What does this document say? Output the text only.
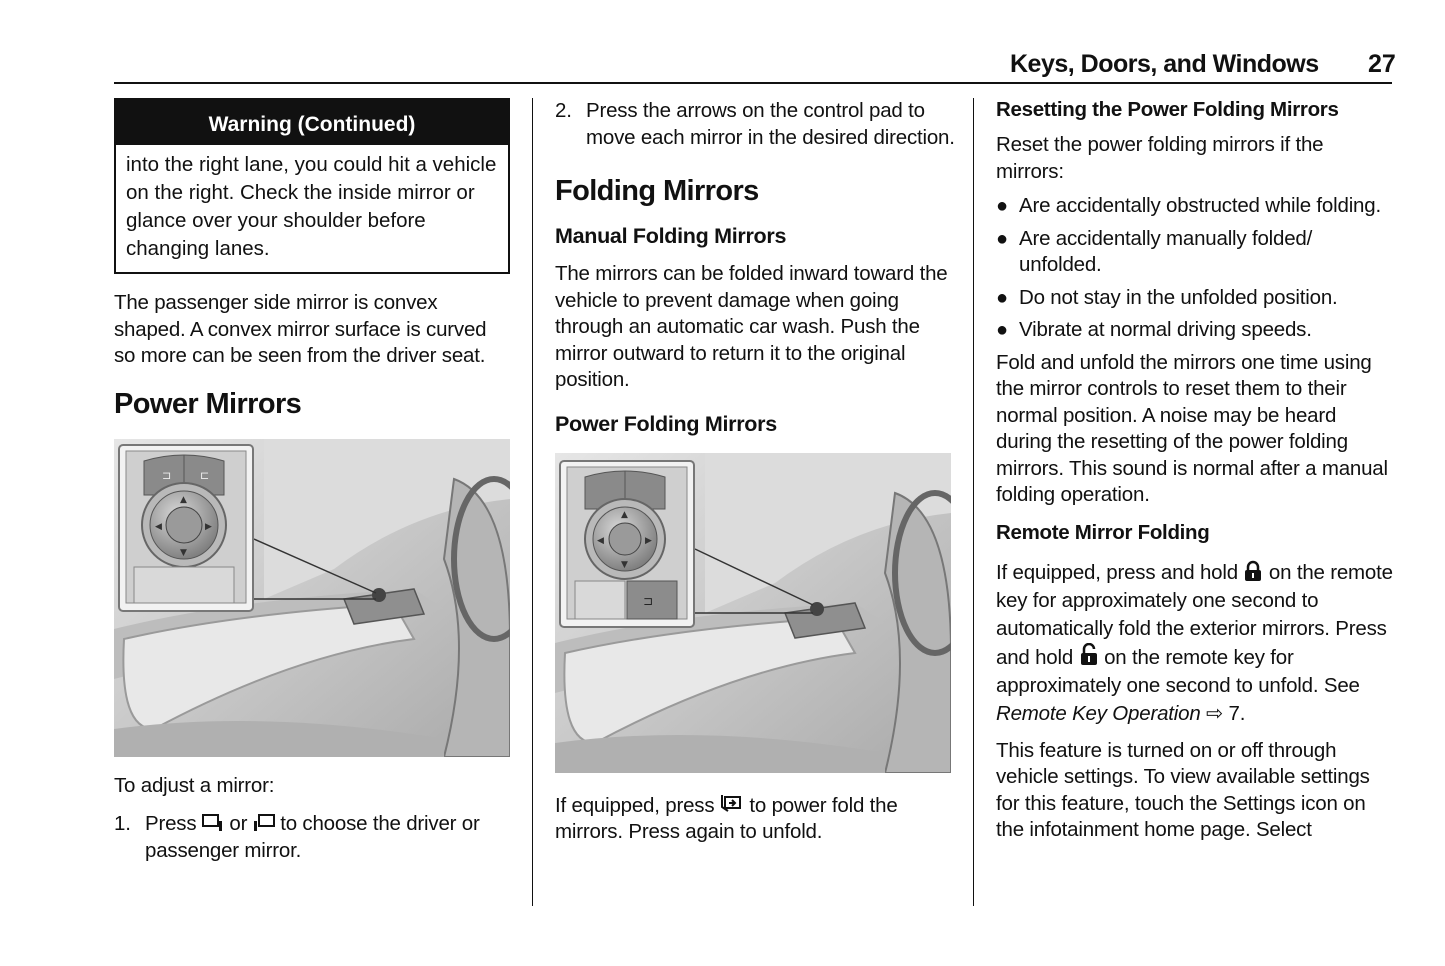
Keys, Doors, and Windows 27
Warning (Continued)
into the right lane, you could hit a vehicle on the right. Check the inside mirror or glance over your shoulder before changing lanes.

The passenger side mirror is convex shaped. A convex mirror surface is curved so more can be seen from the driver seat.

Power Mirrors
⊐	⊏
▲
▼
◀	▶

To adjust a mirror:

1. Press or to choose the driver or passenger mirror.

2. Press the arrows on the control pad to move each mirror in the desired direction.

Folding Mirrors
Manual Folding Mirrors

The mirrors can be folded inward toward the vehicle to prevent damage when going through an automatic car wash. Push the mirror outward to return it to the original position.

Power Folding Mirrors
▲
▼
◀	▶
⊐

If equipped, press to power fold the mirrors. Press again to unfold.

Resetting the Power Folding Mirrors

Reset the power folding mirrors if the mirrors:

● Are accidentally obstructed while folding.

● Are accidentally manually folded/ unfolded.

● Do not stay in the unfolded position.

● Vibrate at normal driving speeds.

Fold and unfold the mirrors one time using the mirror controls to reset them to their normal position. A noise may be heard during the resetting of the power folding mirrors. This sound is normal after a manual folding operation.

Remote Mirror Folding

If equipped, press and hold on the remote key for approximately one second to automatically fold the exterior mirrors. Press and hold on the remote key for approximately one second to unfold. See Remote Key Operation ⇨ 7.

This feature is turned on or off through vehicle settings. To view available settings for this feature, touch the Settings icon on the infotainment home page. Select
